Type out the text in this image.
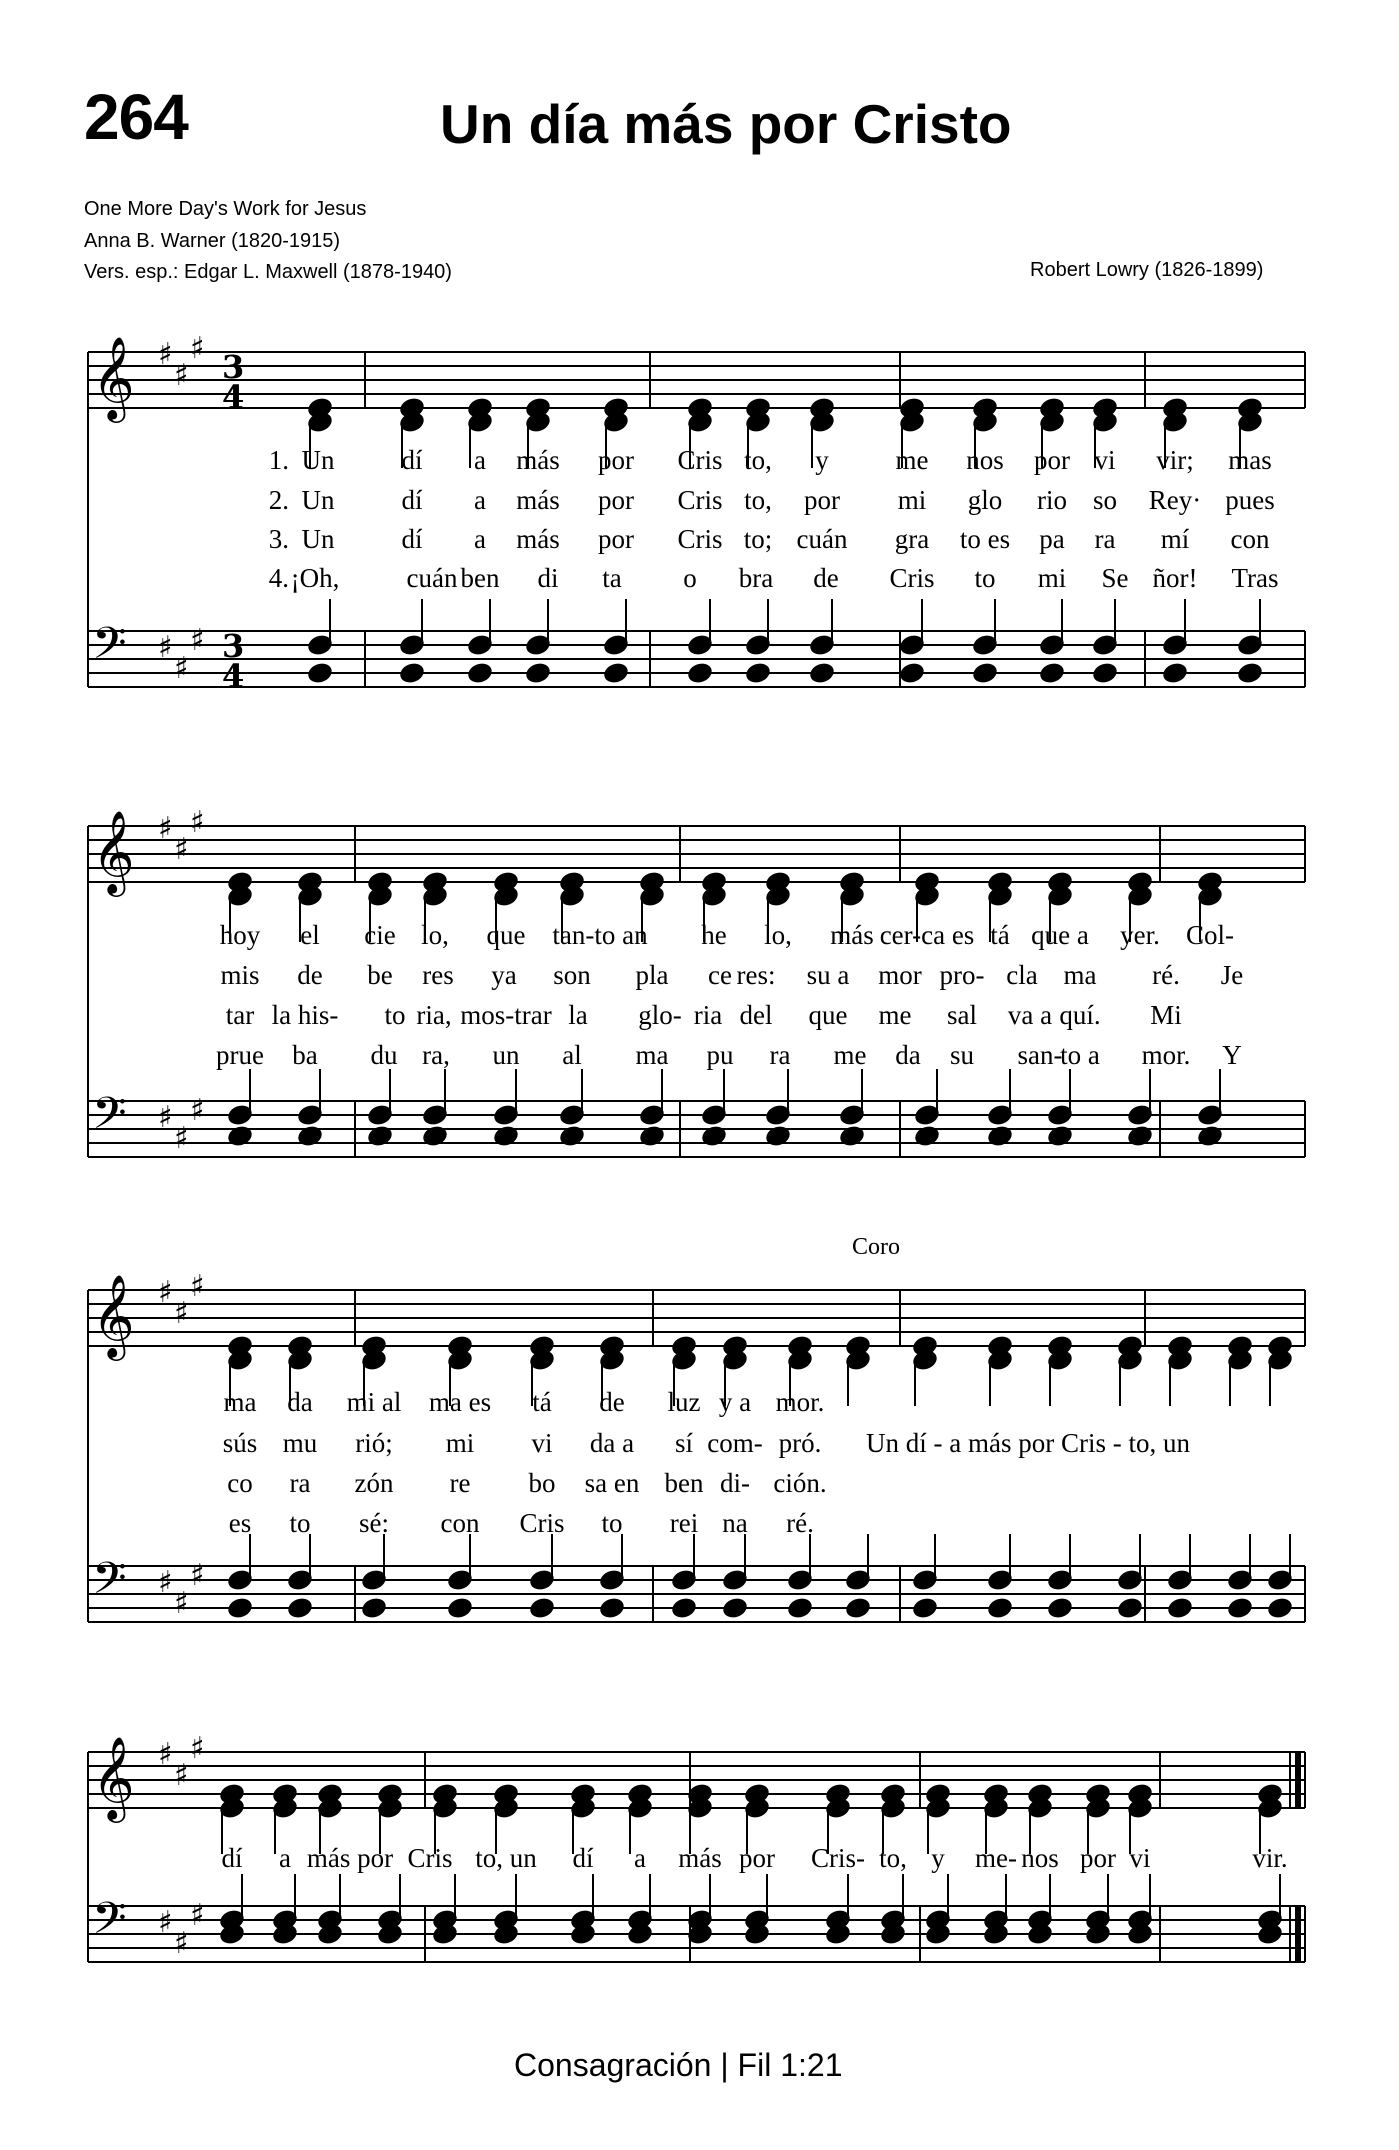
264	Un día más por Cristo
One More Day's Work for Jesus
Anna B. Warner (1820-1915)
Vers. esp.: Edgar L. Maxwell (1878-1940)	Robert Lowry (1826-1899)
𝄞 ♯
♯
♯
𝄢 ♯
♯
♯
3
4
3
4
𝄞 ♯
♯
♯
𝄢 ♯
♯
♯
𝄞 ♯
♯
♯
𝄢 ♯
♯
♯
𝄞 ♯
♯
♯
𝄢 ♯
♯
♯
1.
2.
3.
4.
Un dí a más por Cris to, y me nos por vi vir; mas
Un dí a más por Cris to, por mi glo rio so Rey· pues
Un dí a más por Cris to; cuán gra to es pa ra mí con
¡Oh, cuán ben di ta o bra de Cris to mi Se ñor! Tras
hoy el cie lo, que tan-to an he lo, más cer-ca es tá que a yer. Col-
mis de be res ya son pla ce res: su a mor pro- cla ma ré. Je
tar la his- to ria, mos-trar la glo- ria del que me sal va a quí. Mi
prue ba du ra, un al ma pu ra me da su san-
to a mor. Y
ma da mi al ma es tá de luz y a mor.
sús mu rió; mi vi da a sí com- pró.
co ra zón re bo sa en ben di- ción.
es to sé: con Cris to rei na ré.
Coro
Un dí - a más por Cris - to, un
dí a más por Cris to, un dí a más por Cris- to, y me- nos por vi	vir.
Consagración | Fil 1:21
